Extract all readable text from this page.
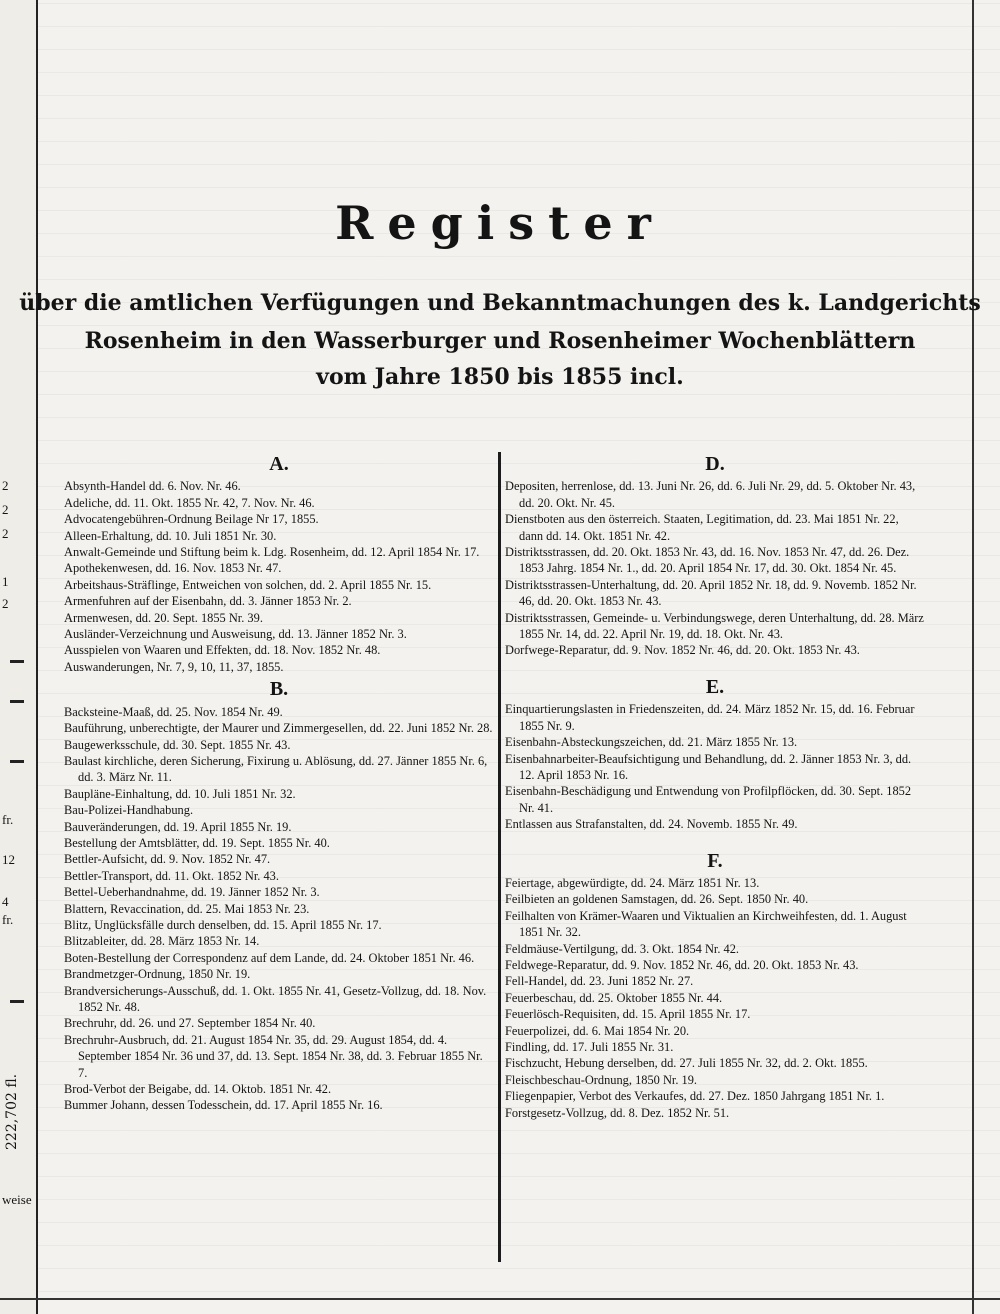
2
2
2
1
2
fr.
12
4
fr.
weise
222,702 fl.
Register
über die amtlichen Verfügungen und Bekanntmachungen des k. Landgerichts
Rosenheim in den Wasserburger und Rosenheimer Wochenblättern
vom Jahre 1850 bis 1855 incl.
A.

Absynth-Handel dd. 6. Nov. Nr. 46.

Adeliche, dd. 11. Okt. 1855 Nr. 42, 7. Nov. Nr. 46.

Advocatengebühren-Ordnung Beilage Nr 17, 1855.

Alleen-Erhaltung, dd. 10. Juli 1851 Nr. 30.

Anwalt-Gemeinde und Stiftung beim k. Ldg. Rosenheim, dd. 12. April 1854 Nr. 17.

Apothekenwesen, dd. 16. Nov. 1853 Nr. 47.

Arbeitshaus-Sträflinge, Entweichen von solchen, dd. 2. April 1855 Nr. 15.

Armenfuhren auf der Eisenbahn, dd. 3. Jänner 1853 Nr. 2.

Armenwesen, dd. 20. Sept. 1855 Nr. 39.

Ausländer-Verzeichnung und Ausweisung, dd. 13. Jänner 1852 Nr. 3.

Ausspielen von Waaren und Effekten, dd. 18. Nov. 1852 Nr. 48.

Auswanderungen, Nr. 7, 9, 10, 11, 37, 1855.

B.

Backsteine-Maaß, dd. 25. Nov. 1854 Nr. 49.

Bauführung, unberechtigte, der Maurer und Zimmergesellen, dd. 22. Juni 1852 Nr. 28.

Baugewerksschule, dd. 30. Sept. 1855 Nr. 43.

Baulast kirchliche, deren Sicherung, Fixirung u. Ablösung, dd. 27. Jänner 1855 Nr. 6, dd. 3. März Nr. 11.

Baupläne-Einhaltung, dd. 10. Juli 1851 Nr. 32.

Bau-Polizei-Handhabung.

Bauveränderungen, dd. 19. April 1855 Nr. 19.

Bestellung der Amtsblätter, dd. 19. Sept. 1855 Nr. 40.

Bettler-Aufsicht, dd. 9. Nov. 1852 Nr. 47.

Bettler-Transport, dd. 11. Okt. 1852 Nr. 43.

Bettel-Ueberhandnahme, dd. 19. Jänner 1852 Nr. 3.

Blattern, Revaccination, dd. 25. Mai 1853 Nr. 23.

Blitz, Unglücksfälle durch denselben, dd. 15. April 1855 Nr. 17.

Blitzableiter, dd. 28. März 1853 Nr. 14.

Boten-Bestellung der Correspondenz auf dem Lande, dd. 24. Oktober 1851 Nr. 46.

Brandmetzger-Ordnung, 1850 Nr. 19.

Brandversicherungs-Ausschuß, dd. 1. Okt. 1855 Nr. 41, Gesetz-Vollzug, dd. 18. Nov. 1852 Nr. 48.

Brechruhr, dd. 26. und 27. September 1854 Nr. 40.

Brechruhr-Ausbruch, dd. 21. August 1854 Nr. 35, dd. 29. August 1854, dd. 4. September 1854 Nr. 36 und 37, dd. 13. Sept. 1854 Nr. 38, dd. 3. Februar 1855 Nr. 7.

Brod-Verbot der Beigabe, dd. 14. Oktob. 1851 Nr. 42.

Bummer Johann, dessen Todesschein, dd. 17. April 1855 Nr. 16.

D.

Depositen, herrenlose, dd. 13. Juni Nr. 26, dd. 6. Juli Nr. 29, dd. 5. Oktober Nr. 43, dd. 20. Okt. Nr. 45.

Dienstboten aus den österreich. Staaten, Legitimation, dd. 23. Mai 1851 Nr. 22, dann dd. 14. Okt. 1851 Nr. 42.

Distriktsstrassen, dd. 20. Okt. 1853 Nr. 43, dd. 16. Nov. 1853 Nr. 47, dd. 26. Dez. 1853 Jahrg. 1854 Nr. 1., dd. 20. April 1854 Nr. 17, dd. 30. Okt. 1854 Nr. 45.

Distriktsstrassen-Unterhaltung, dd. 20. April 1852 Nr. 18, dd. 9. Novemb. 1852 Nr. 46, dd. 20. Okt. 1853 Nr. 43.

Distriktsstrassen, Gemeinde- u. Verbindungswege, deren Unterhaltung, dd. 28. März 1855 Nr. 14, dd. 22. April Nr. 19, dd. 18. Okt. Nr. 43.

Dorfwege-Reparatur, dd. 9. Nov. 1852 Nr. 46, dd. 20. Okt. 1853 Nr. 43.

E.

Einquartierungslasten in Friedenszeiten, dd. 24. März 1852 Nr. 15, dd. 16. Februar 1855 Nr. 9.

Eisenbahn-Absteckungszeichen, dd. 21. März 1855 Nr. 13.

Eisenbahnarbeiter-Beaufsichtigung und Behandlung, dd. 2. Jänner 1853 Nr. 3, dd. 12. April 1853 Nr. 16.

Eisenbahn-Beschädigung und Entwendung von Profilpflöcken, dd. 30. Sept. 1852 Nr. 41.

Entlassen aus Strafanstalten, dd. 24. Novemb. 1855 Nr. 49.

F.

Feiertage, abgewürdigte, dd. 24. März 1851 Nr. 13.

Feilbieten an goldenen Samstagen, dd. 26. Sept. 1850 Nr. 40.

Feilhalten von Krämer-Waaren und Viktualien an Kirchweihfesten, dd. 1. August 1851 Nr. 32.

Feldmäuse-Vertilgung, dd. 3. Okt. 1854 Nr. 42.

Feldwege-Reparatur, dd. 9. Nov. 1852 Nr. 46, dd. 20. Okt. 1853 Nr. 43.

Fell-Handel, dd. 23. Juni 1852 Nr. 27.

Feuerbeschau, dd. 25. Oktober 1855 Nr. 44.

Feuerlösch-Requisiten, dd. 15. April 1855 Nr. 17.

Feuerpolizei, dd. 6. Mai 1854 Nr. 20.

Findling, dd. 17. Juli 1855 Nr. 31.

Fischzucht, Hebung derselben, dd. 27. Juli 1855 Nr. 32, dd. 2. Okt. 1855.

Fleischbeschau-Ordnung, 1850 Nr. 19.

Fliegenpapier, Verbot des Verkaufes, dd. 27. Dez. 1850 Jahrgang 1851 Nr. 1.

Forstgesetz-Vollzug, dd. 8. Dez. 1852 Nr. 51.
